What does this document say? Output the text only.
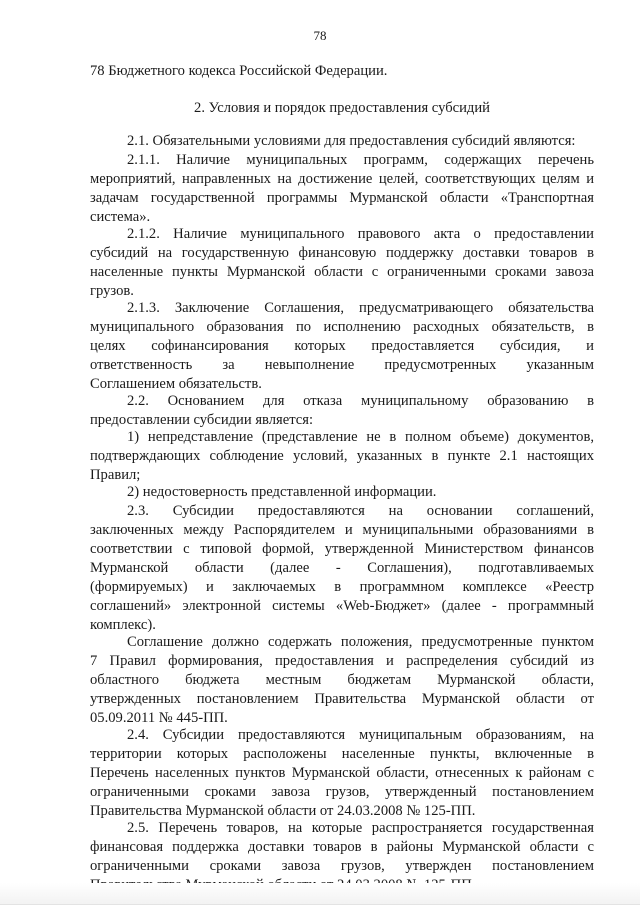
78
78 Бюджетного кодекса Российской Федерации.
2. Условия и порядок предоставления субсидий
2.1. Обязательными условиями для предоставления субсидий являются:
2.1.1. Наличие муниципальных программ, содержащих перечень
мероприятий, направленных на достижение целей, соответствующих целям и
задачам государственной программы Мурманской области «Транспортная
система».
2.1.2. Наличие муниципального правового акта о предоставлении
субсидий на государственную финансовую поддержку доставки товаров в
населенные пункты Мурманской области с ограниченными сроками завоза
грузов.
2.1.3. Заключение Соглашения, предусматривающего обязательства
муниципального образования по исполнению расходных обязательств, в
целях софинансирования которых предоставляется субсидия, и
ответственность за невыполнение предусмотренных указанным
Соглашением обязательств.
2.2. Основанием для отказа муниципальному образованию в
предоставлении субсидии является:
1) непредставление (представление не в полном объеме) документов,
подтверждающих соблюдение условий, указанных в пункте 2.1 настоящих
Правил;
2) недостоверность представленной информации.
2.3. Субсидии предоставляются на основании соглашений,
заключенных между Распорядителем и муниципальными образованиями в
соответствии с типовой формой, утвержденной Министерством финансов
Мурманской области (далее - Соглашения), подготавливаемых
(формируемых) и заключаемых в программном комплексе «Реестр
соглашений» электронной системы «Web-Бюджет» (далее - программный
комплекс).
Соглашение должно содержать положения, предусмотренные пунктом
7 Правил формирования, предоставления и распределения субсидий из
областного бюджета местным бюджетам Мурманской области,
утвержденных постановлением Правительства Мурманской области от
05.09.2011 № 445-ПП.
2.4. Субсидии предоставляются муниципальным образованиям, на
территории которых расположены населенные пункты, включенные в
Перечень населенных пунктов Мурманской области, отнесенных к районам с
ограниченными сроками завоза грузов, утвержденный постановлением
Правительства Мурманской области от 24.03.2008 № 125-ПП.
2.5. Перечень товаров, на которые распространяется государственная
финансовая поддержка доставки товаров в районы Мурманской области с
ограниченными сроками завоза грузов, утвержден постановлением
